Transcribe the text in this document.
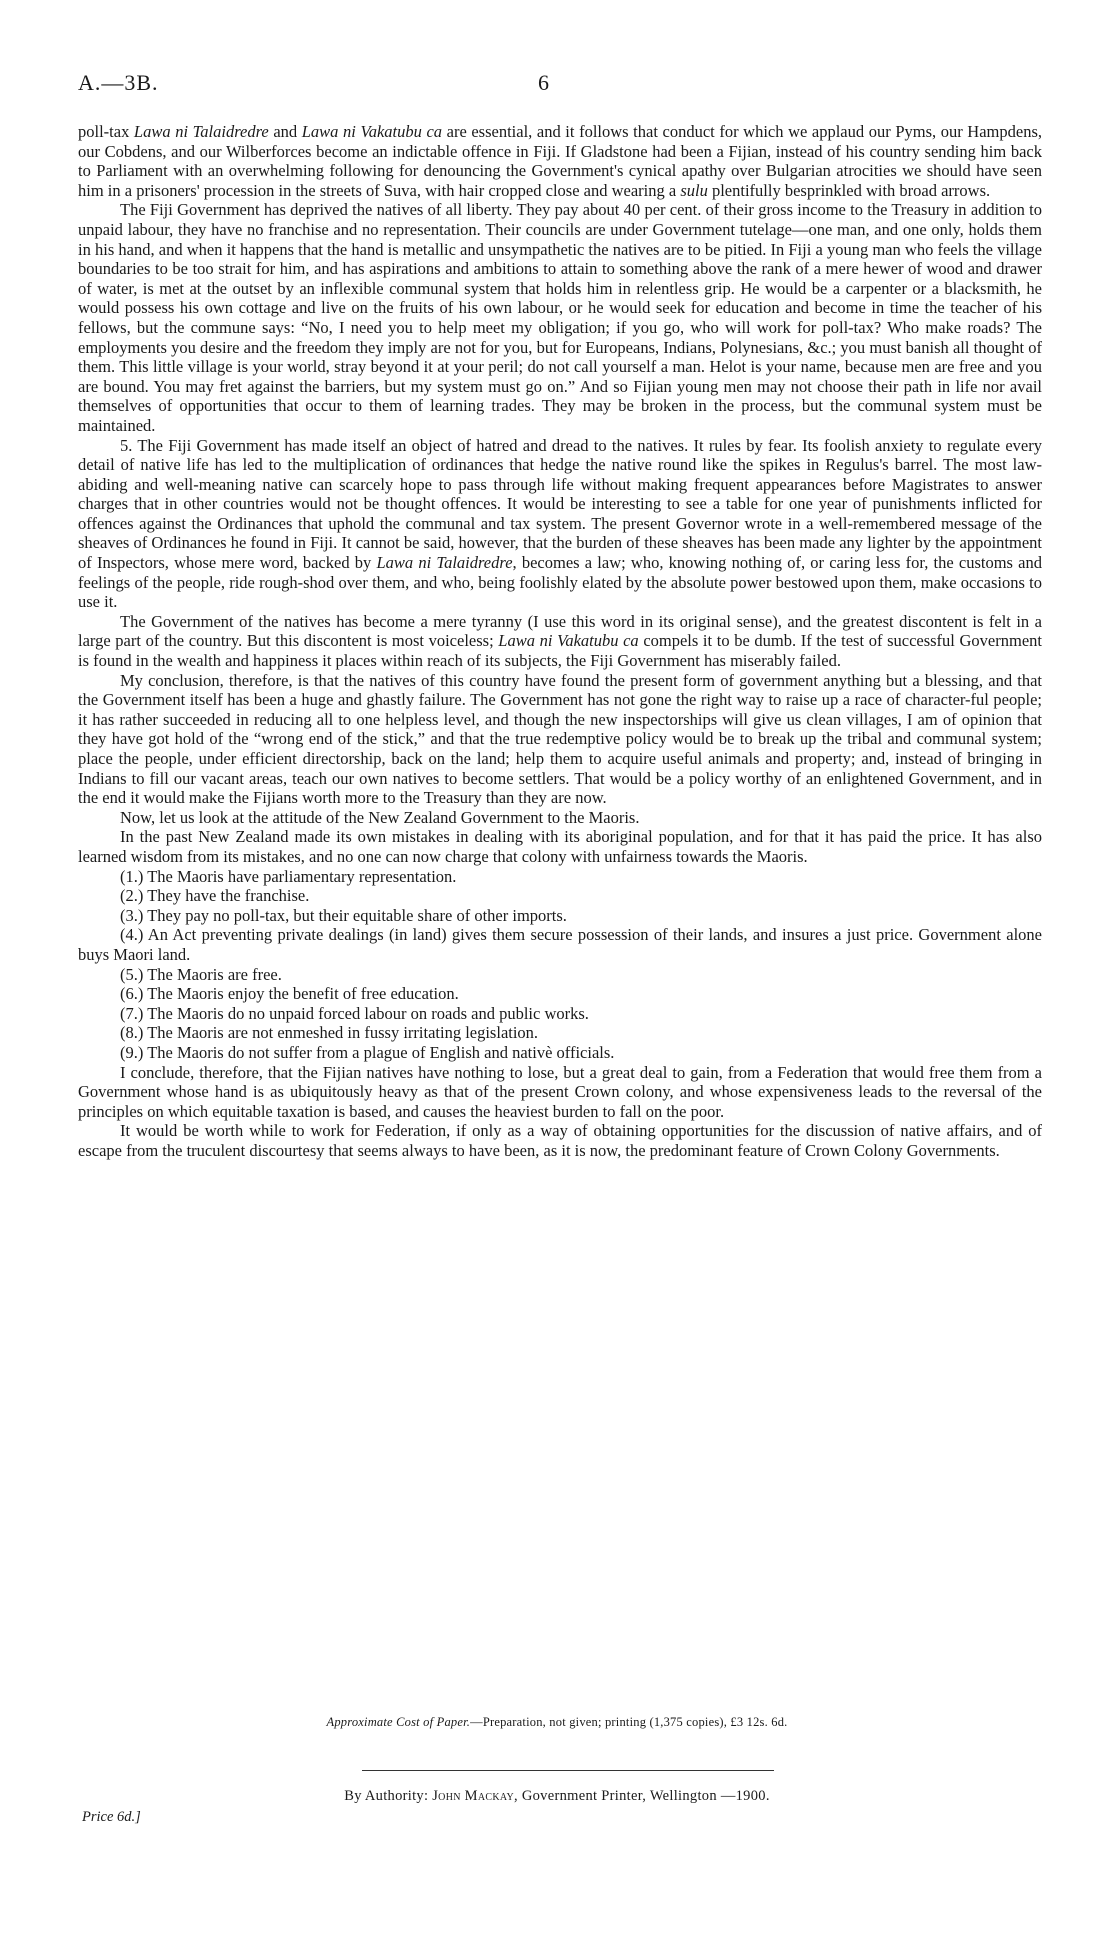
A.—3B.	6

poll-tax Lawa ni Talaidredre and Lawa ni Vakatubu ca are essential, and it follows that conduct for which we applaud our Pyms, our Hampdens, our Cobdens, and our Wilberforces become an indictable offence in Fiji. If Gladstone had been a Fijian, instead of his country sending him back to Parliament with an overwhelming following for denouncing the Government's cynical apathy over Bulgarian atrocities we should have seen him in a prisoners' procession in the streets of Suva, with hair cropped close and wearing a sulu plentifully besprinkled with broad arrows.

The Fiji Government has deprived the natives of all liberty. They pay about 40 per cent. of their gross income to the Treasury in addition to unpaid labour, they have no franchise and no representation. Their councils are under Government tutelage—one man, and one only, holds them in his hand, and when it happens that the hand is metallic and unsympathetic the natives are to be pitied. In Fiji a young man who feels the village boundaries to be too strait for him, and has aspirations and ambitions to attain to something above the rank of a mere hewer of wood and drawer of water, is met at the outset by an inflexible communal system that holds him in relentless grip. He would be a carpenter or a blacksmith, he would possess his own cottage and live on the fruits of his own labour, or he would seek for education and become in time the teacher of his fellows, but the commune says: “No, I need you to help meet my obligation; if you go, who will work for poll-tax? Who make roads? The employments you desire and the freedom they imply are not for you, but for Europeans, Indians, Polynesians, &c.; you must banish all thought of them. This little village is your world, stray beyond it at your peril; do not call yourself a man. Helot is your name, because men are free and you are bound. You may fret against the barriers, but my system must go on.” And so Fijian young men may not choose their path in life nor avail themselves of opportunities that occur to them of learning trades. They may be broken in the process, but the communal system must be maintained.

5. The Fiji Government has made itself an object of hatred and dread to the natives. It rules by fear. Its foolish anxiety to regulate every detail of native life has led to the multiplication of ordinances that hedge the native round like the spikes in Regulus's barrel. The most law-abiding and well-meaning native can scarcely hope to pass through life without making frequent appearances before Magistrates to answer charges that in other countries would not be thought offences. It would be interesting to see a table for one year of punishments inflicted for offences against the Ordinances that uphold the communal and tax system. The present Governor wrote in a well-remembered message of the sheaves of Ordinances he found in Fiji. It cannot be said, however, that the burden of these sheaves has been made any lighter by the appointment of Inspectors, whose mere word, backed by Lawa ni Talaidredre, becomes a law; who, knowing nothing of, or caring less for, the customs and feelings of the people, ride rough-shod over them, and who, being foolishly elated by the absolute power bestowed upon them, make occasions to use it.

The Government of the natives has become a mere tyranny (I use this word in its original sense), and the greatest discontent is felt in a large part of the country. But this discontent is most voiceless; Lawa ni Vakatubu ca compels it to be dumb. If the test of successful Government is found in the wealth and happiness it places within reach of its subjects, the Fiji Government has miserably failed.

My conclusion, therefore, is that the natives of this country have found the present form of government anything but a blessing, and that the Government itself has been a huge and ghastly failure. The Government has not gone the right way to raise up a race of character-ful people; it has rather succeeded in reducing all to one helpless level, and though the new inspectorships will give us clean villages, I am of opinion that they have got hold of the “wrong end of the stick,” and that the true redemptive policy would be to break up the tribal and communal system; place the people, under efficient directorship, back on the land; help them to acquire useful animals and property; and, instead of bringing in Indians to fill our vacant areas, teach our own natives to become settlers. That would be a policy worthy of an enlightened Government, and in the end it would make the Fijians worth more to the Treasury than they are now.

Now, let us look at the attitude of the New Zealand Government to the Maoris.

In the past New Zealand made its own mistakes in dealing with its aboriginal population, and for that it has paid the price. It has also learned wisdom from its mistakes, and no one can now charge that colony with unfairness towards the Maoris.

(1.) The Maoris have parliamentary representation.

(2.) They have the franchise.

(3.) They pay no poll-tax, but their equitable share of other imports.

(4.) An Act preventing private dealings (in land) gives them secure possession of their lands, and insures a just price. Government alone buys Maori land.

(5.) The Maoris are free.

(6.) The Maoris enjoy the benefit of free education.

(7.) The Maoris do no unpaid forced labour on roads and public works.

(8.) The Maoris are not enmeshed in fussy irritating legislation.

(9.) The Maoris do not suffer from a plague of English and nativè officials.

I conclude, therefore, that the Fijian natives have nothing to lose, but a great deal to gain, from a Federation that would free them from a Government whose hand is as ubiquitously heavy as that of the present Crown colony, and whose expensiveness leads to the reversal of the principles on which equitable taxation is based, and causes the heaviest burden to fall on the poor.

It would be worth while to work for Federation, if only as a way of obtaining opportunities for the discussion of native affairs, and of escape from the truculent discourtesy that seems always to have been, as it is now, the predominant feature of Crown Colony Governments.

Approximate Cost of Paper.—Preparation, not given; printing (1,375 copies), £3 12s. 6d.
By Authority: John Mackay, Government Printer, Wellington —1900.
Price 6d.]
